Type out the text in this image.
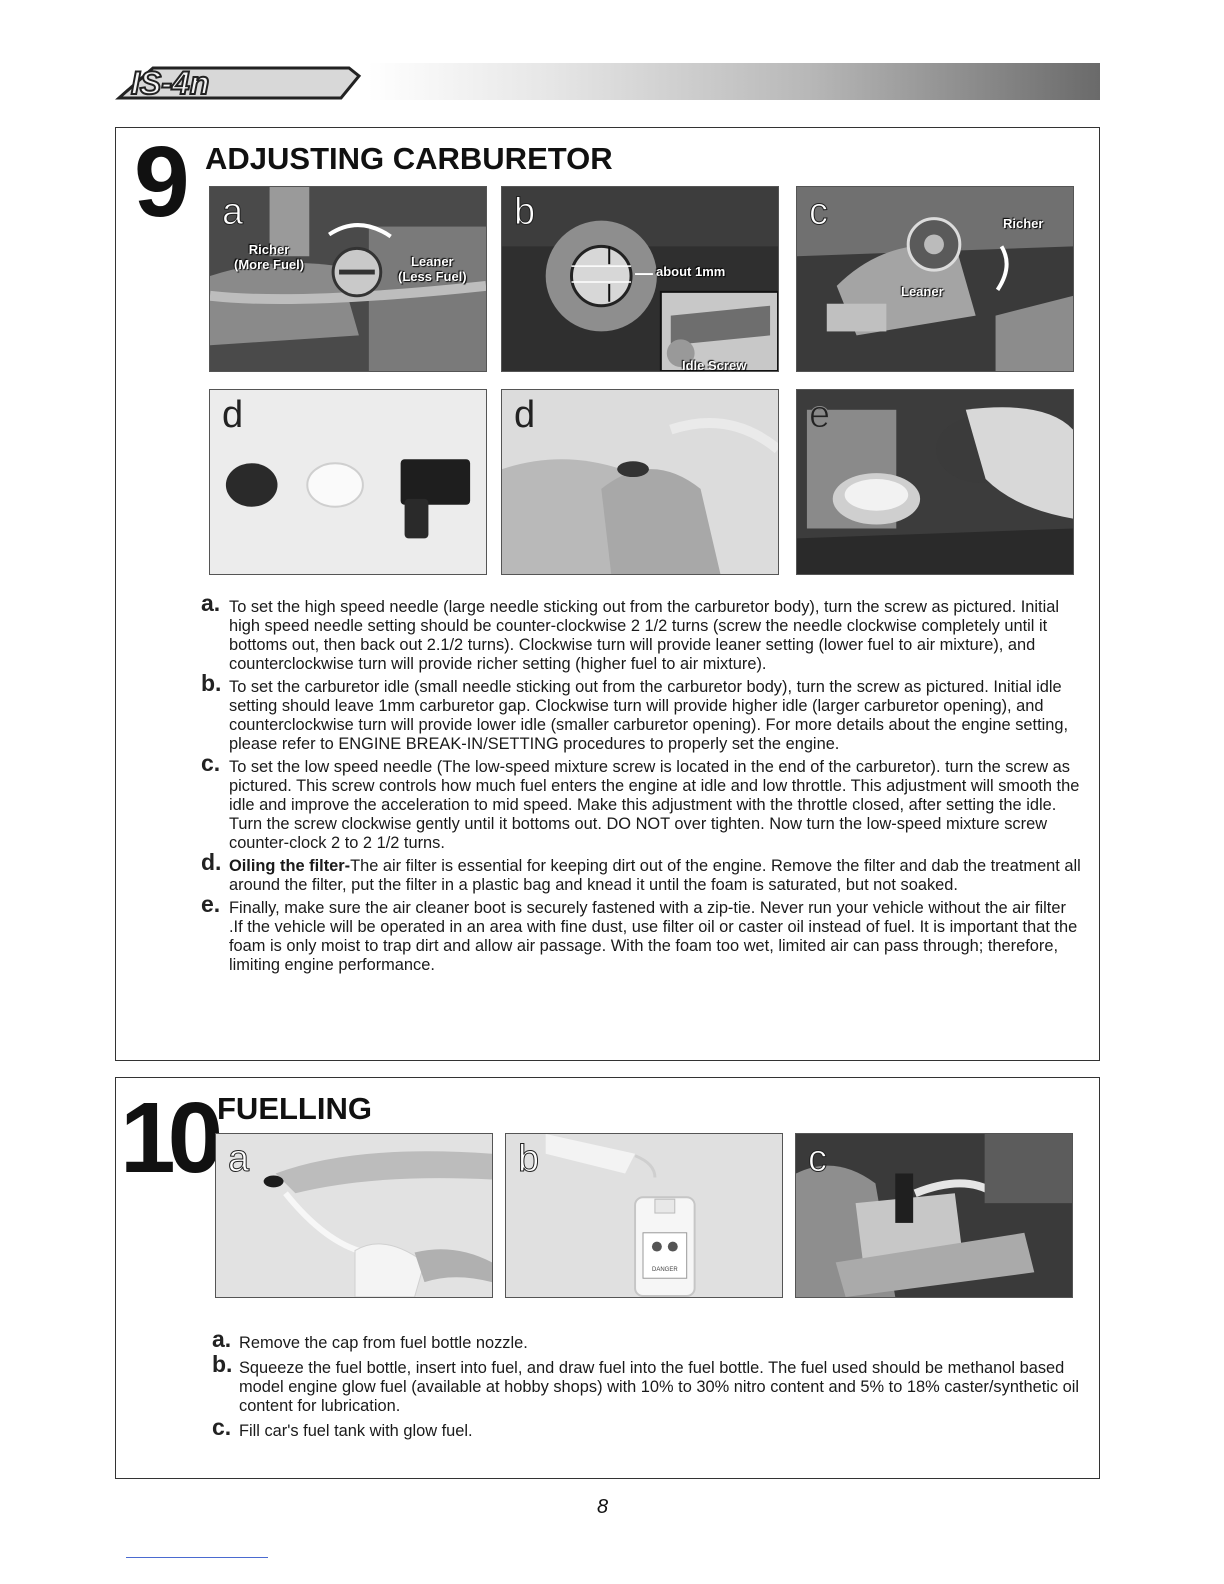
IS-4n
9 ADJUSTING CARBURETOR
a
Richer
(More Fuel)	Leaner
(Less Fuel)
b
about 1mm
Idle Screw
c	Richer
Leaner
d	d	e
a. To set the high speed needle (large needle sticking out from the carburetor body), turn the screw as pictured. Initial high speed needle setting should be counter-clockwise 2 1/2 turns (screw the needle clockwise completely until it bottoms out, then back out 2.1/2 turns). Clockwise turn will provide leaner setting (lower fuel to air mixture), and counterclockwise turn will provide richer setting (higher fuel to air mixture).
b. To set the carburetor idle (small needle sticking out from the carburetor body), turn the screw as pictured. Initial idle setting should leave 1mm carburetor gap. Clockwise turn will provide higher idle (larger carburetor opening), and counterclockwise turn will provide lower idle (smaller carburetor opening). For more details about the engine setting, please refer to ENGINE BREAK-IN/SETTING procedures to properly set the engine.
c. To set the low speed needle (The low-speed mixture screw is located in the end of the carburetor). turn the screw as pictured. This screw controls how much fuel enters the engine at idle and low throttle. This adjustment will smooth the idle and improve the acceleration to mid speed. Make this adjustment with the throttle closed, after setting the idle. Turn the screw clockwise gently until it bottoms out. DO NOT over tighten. Now turn the low-speed mixture screw counter-clock 2 to 2 1/2 turns.
d. Oiling the filter-The air filter is essential for keeping dirt out of the engine. Remove the filter and dab the treatment all around the filter, put the filter in a plastic bag and knead it until the foam is saturated, but not soaked.
e. Finally, make sure the air cleaner boot is securely fastened with a zip-tie. Never run your vehicle without the air filter .If the vehicle will be operated in an area with fine dust, use filter oil or caster oil instead of fuel. It is important that the foam is only moist to trap dirt and allow air passage. With the foam too wet, limited air can pass through; therefore, limiting engine performance.
10 FUELLING
a	b
DANGER
c
a. Remove the cap from fuel bottle nozzle.
b. Squeeze the fuel bottle, insert into fuel, and draw fuel into the fuel bottle. The fuel used should be methanol based model engine glow fuel (available at hobby shops) with 10% to 30% nitro content and 5% to 18% caster/synthetic oil content for lubrication.
c. Fill car's fuel tank with glow fuel.
8
